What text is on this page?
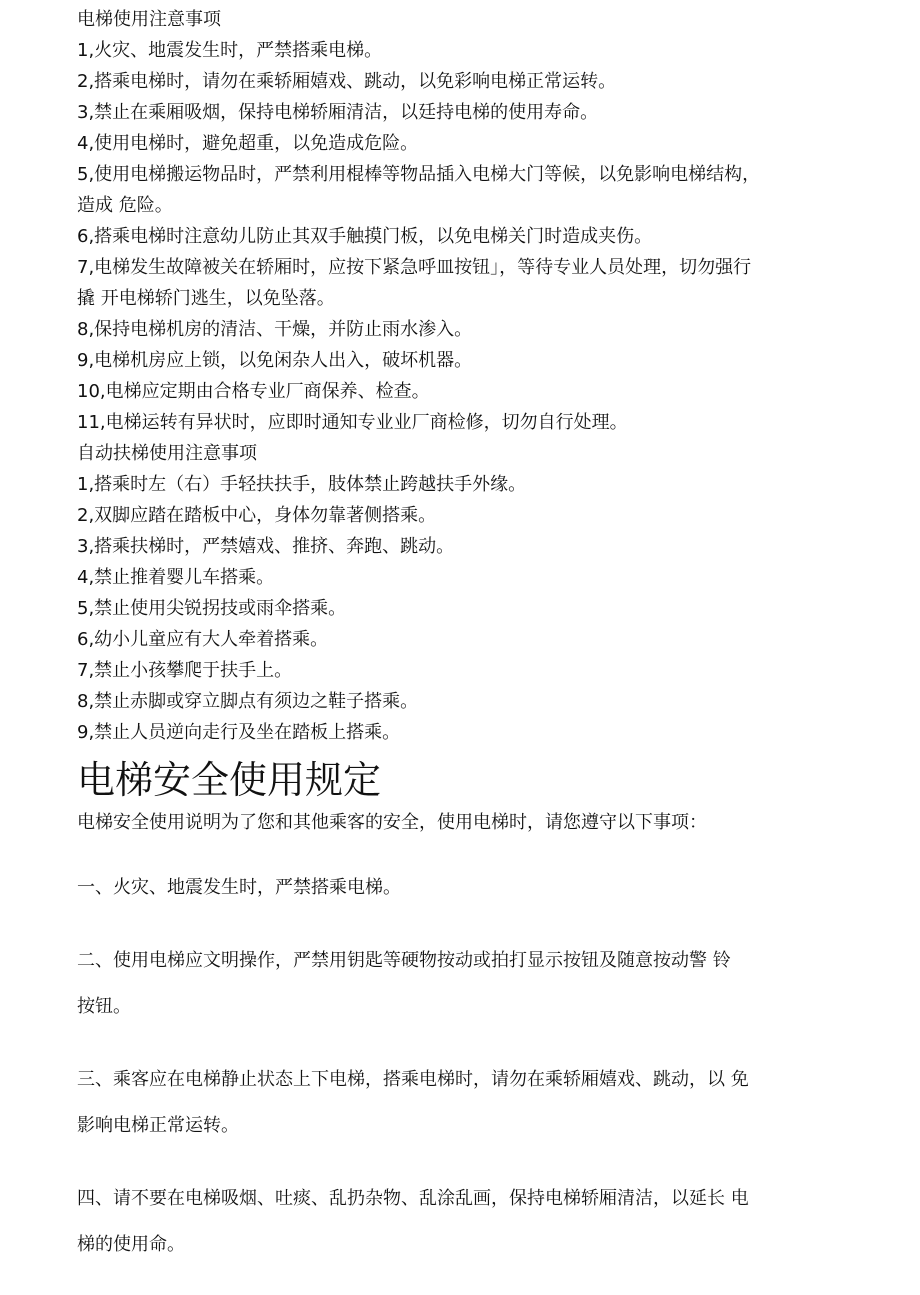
电梯使用注意事项
1,火灾、地震发生时，严禁搭乘电梯。
2,搭乘电梯时，请勿在乘轿厢嬉戏、跳动，以免彩响电梯正常运转。
3,禁止在乘厢吸烟，保持电梯轿厢清洁，以廷持电梯的使用寿命。
4,使用电梯时，避免超重，以免造成危险。
5,使用电梯搬运物品时，严禁利用棍棒等物品插入电梯大门等候，以免影响电梯结构，
造成 危险。
6,搭乘电梯时注意幼儿防止其双手触摸门板，以免电梯关门时造成夹伤。
7,电梯发生故障被关在轿厢时，应按下紧急呼皿按钮」，等待专业人员处理，切勿强行
撬 开电梯轿门逃生，以免坠落。
8,保持电梯机房的清洁、干燥，并防止雨水渗入。
9,电梯机房应上锁，以免闲杂人出入，破坏机器。
10,电梯应定期由合格专业厂商保养、检查。
11,电梯运转有异状时，应即时通知专业业厂商检修，切勿自行处理。
自动扶梯使用注意事项
1,搭乘时左（右）手轻扶扶手，肢体禁止跨越扶手外缘。
2,双脚应踏在踏板中心，身体勿靠著侧搭乘。
3,搭乘扶梯时，严禁嬉戏、推挤、奔跑、跳动。
4,禁止推着婴儿车搭乘。
5,禁止使用尖锐拐技或雨伞搭乘。
6,幼小儿童应有大人牵着搭乘。
7,禁止小孩攀爬于扶手上。
8,禁止赤脚或穿立脚点有须边之鞋子搭乘。
9,禁止人员逆向走行及坐在踏板上搭乘。
电梯安全使用规定

电梯安全使用说明为了您和其他乘客的安全，使用电梯时，请您遵守以下事项：

一、火灾、地震发生时，严禁搭乘电梯。
二、使用电梯应文明操作，严禁用钥匙等硬物按动或拍打显示按钮及随意按动警 铃
按钮。
三、乘客应在电梯静止状态上下电梯，搭乘电梯时，请勿在乘轿厢嬉戏、跳动，以 免
影响电梯正常运转。
四、请不要在电梯吸烟、吐痰、乱扔杂物、乱涂乱画，保持电梯轿厢清洁，以延长 电
梯的使用命。
